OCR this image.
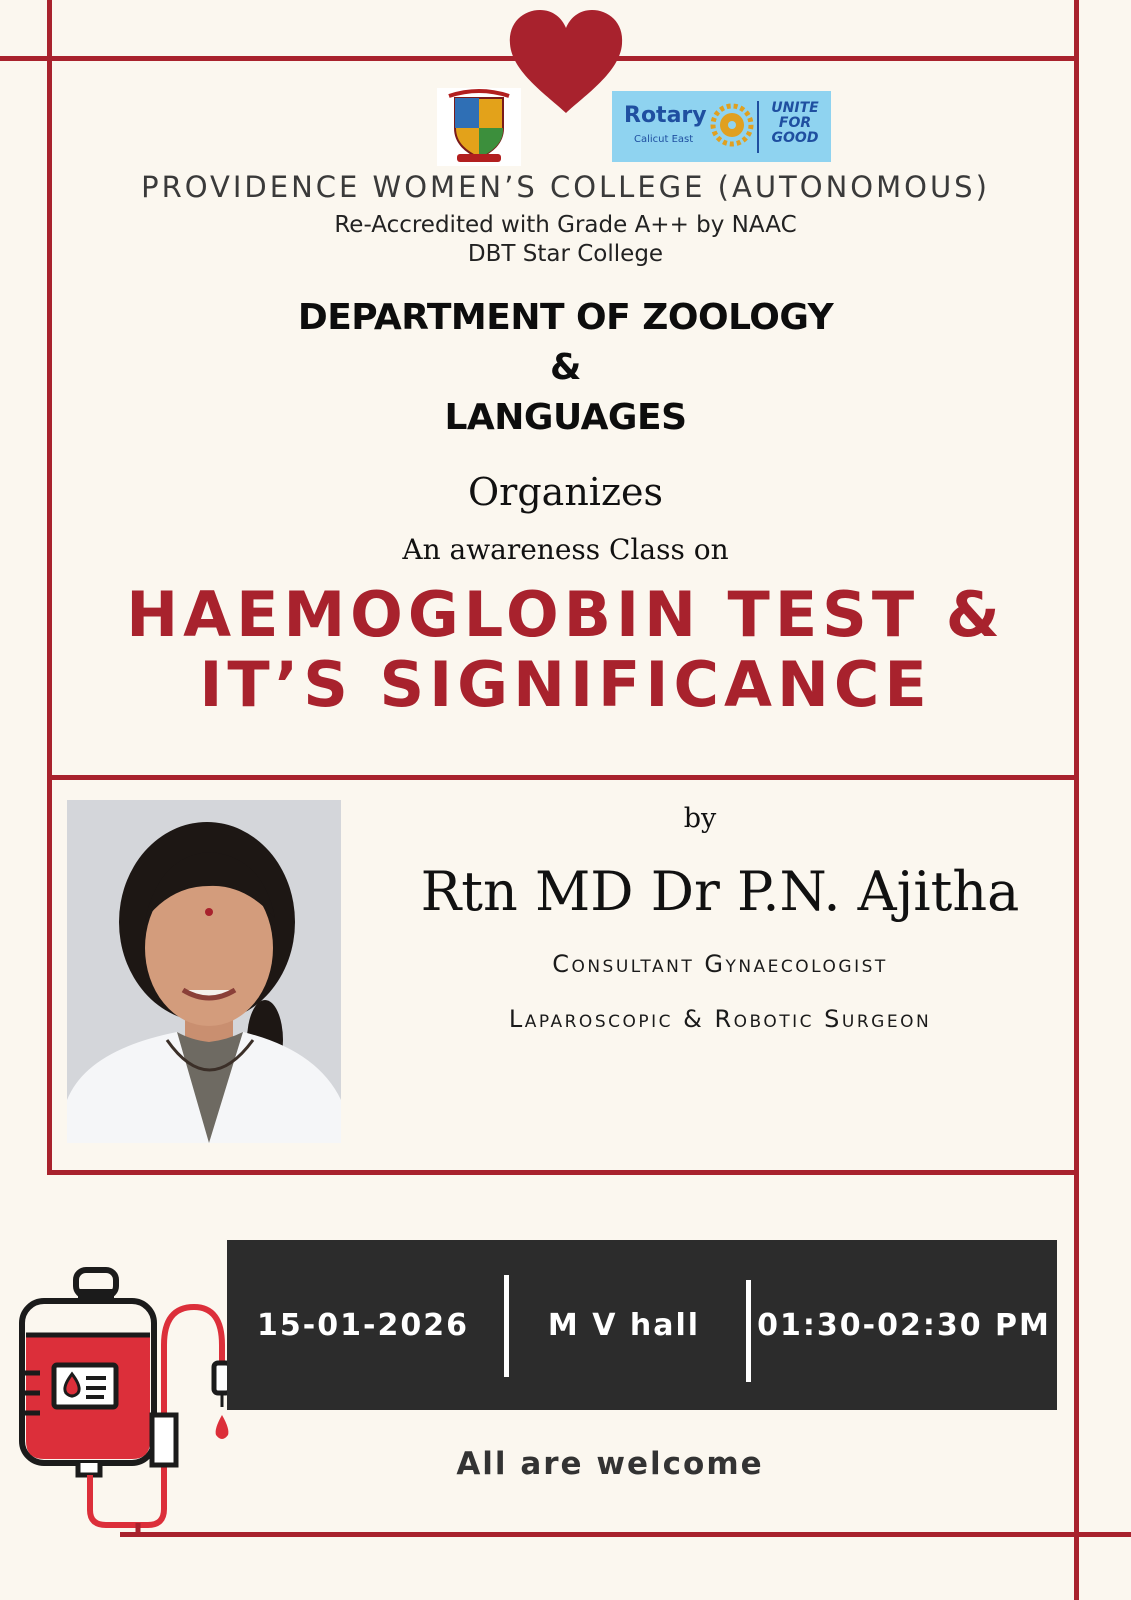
Rotary
Calicut East
UNITE FOR GOOD
PROVIDENCE WOMEN’S COLLEGE (AUTONOMOUS)
Re-Accredited with Grade A++ by NAAC
DBT Star College
DEPARTMENT OF ZOOLOGY
&
LANGUAGES
Organizes
An awareness Class on
HAEMOGLOBIN TEST &
IT’S SIGNIFICANCE
by
Rtn MD Dr P.N. Ajitha
Consultant Gynaecologist
Laparoscopic & Robotic Surgeon
15-01-2026	M V hall	01:30-02:30 PM
All are welcome
